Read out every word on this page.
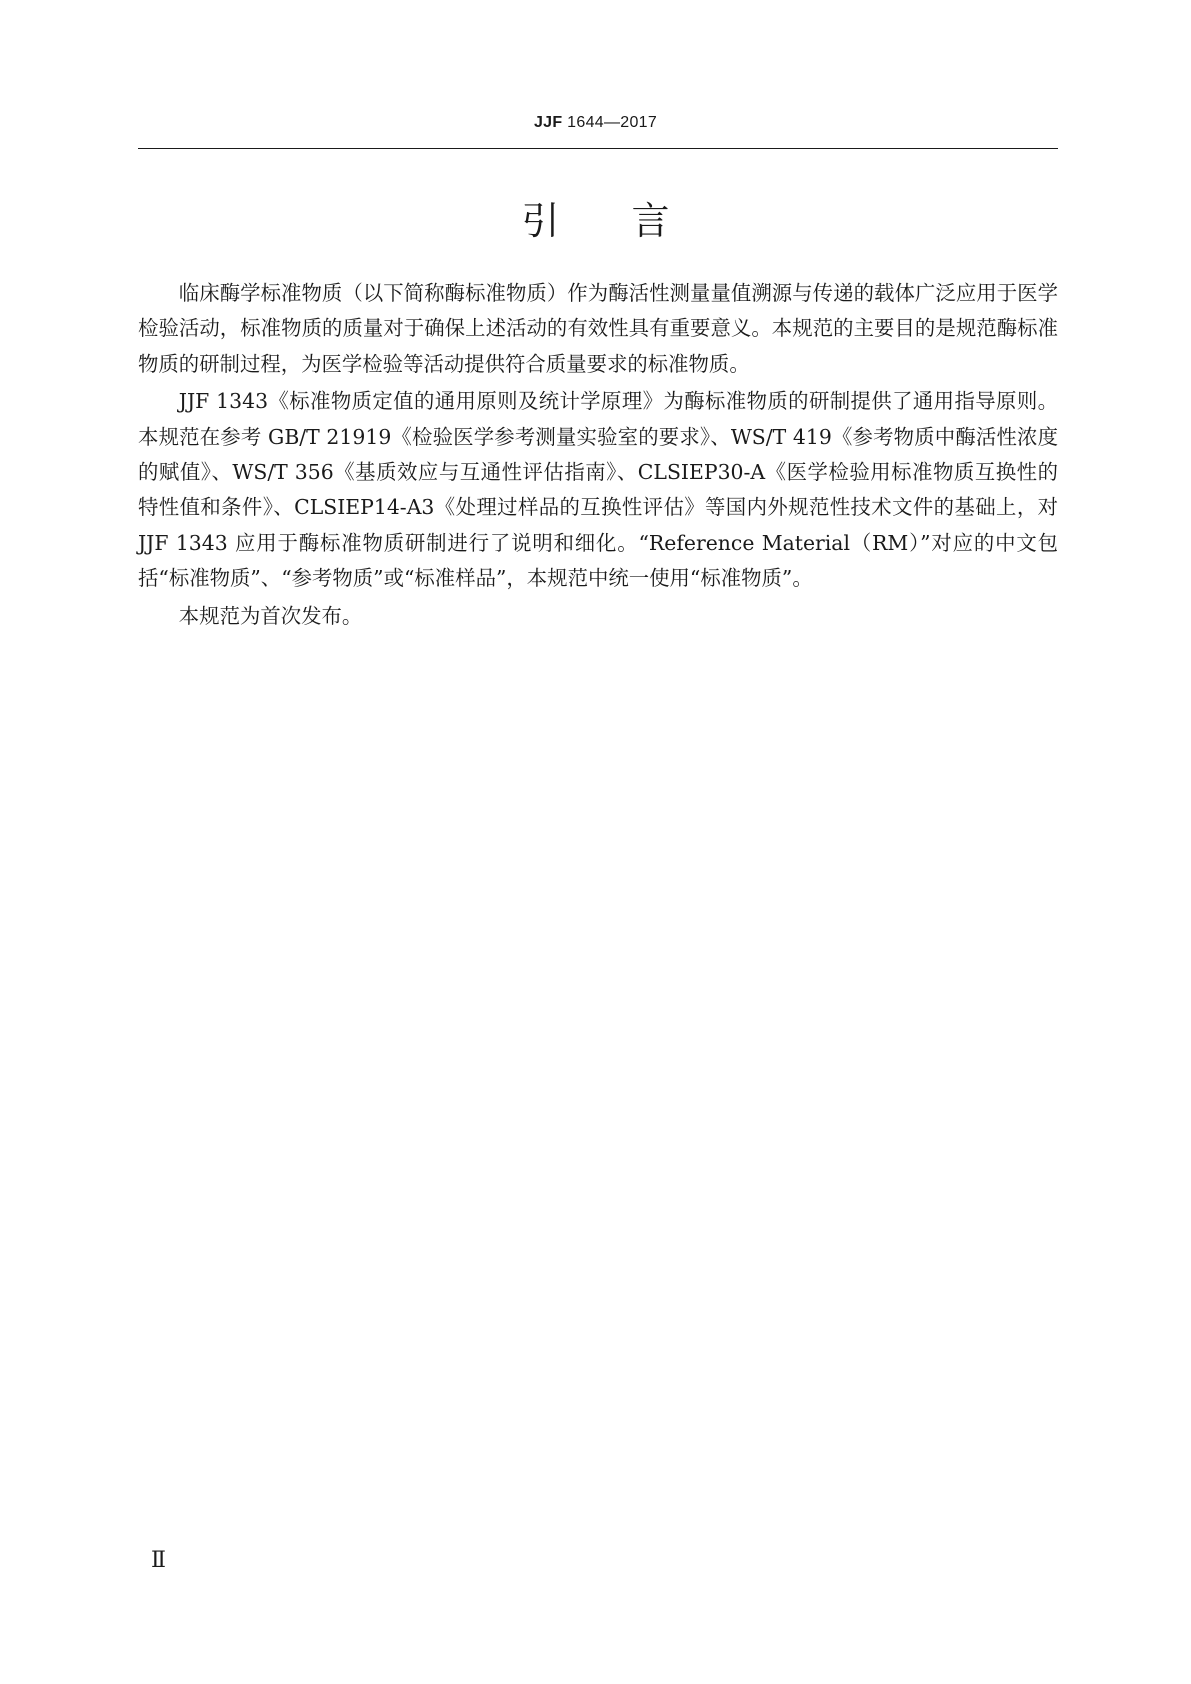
JJF 1644—2017
引言

临床酶学标准物质（以下简称酶标准物质）作为酶活性测量量值溯源与传递的载体广泛应用于医学检验活动，标准物质的质量对于确保上述活动的有效性具有重要意义。本规范的主要目的是规范酶标准物质的研制过程，为医学检验等活动提供符合质量要求的标准物质。

JJF 1343《标准物质定值的通用原则及统计学原理》为酶标准物质的研制提供了通用指导原则。本规范在参考 GB/T 21919《检验医学参考测量实验室的要求》、WS/T 419《参考物质中酶活性浓度的赋值》、WS/T 356《基质效应与互通性评估指南》、CLSIEP30-A《医学检验用标准物质互换性的特性值和条件》、CLSIEP14-A3《处理过样品的互换性评估》等国内外规范性技术文件的基础上，对 JJF 1343 应用于酶标准物质研制进行了说明和细化。“Reference Material（RM）”对应的中文包括“标准物质”、“参考物质”或“标准样品”，本规范中统一使用“标准物质”。

本规范为首次发布。

Ⅱ
